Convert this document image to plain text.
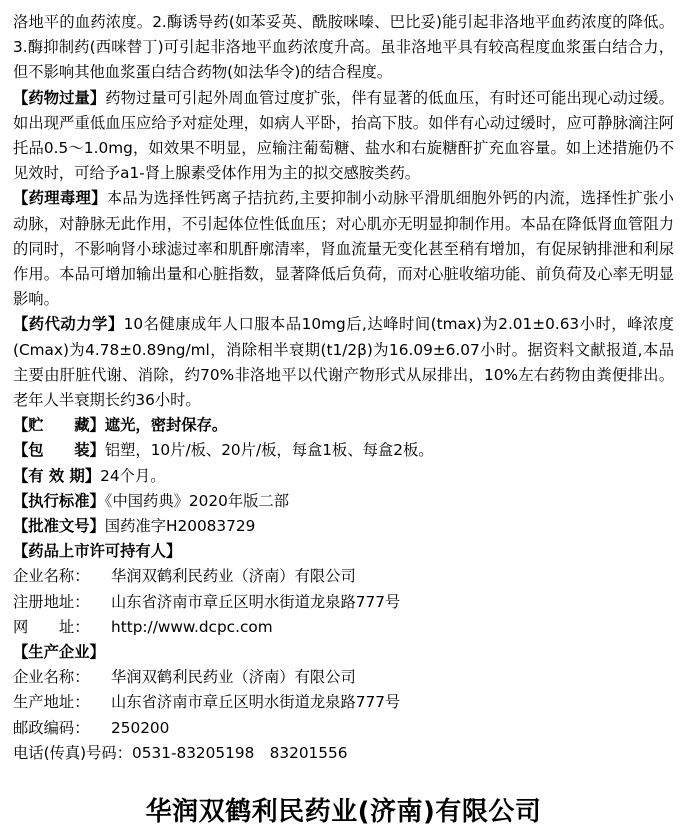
洛地平的血药浓度。2.酶诱导药(如苯妥英、酰胺咪嗪、巴比妥)能引起非洛地平血药浓度的降低。3.酶抑制药(西咪替丁)可引起非洛地平血药浓度升高。虽非洛地平具有较高程度血浆蛋白结合力，但不影响其他血浆蛋白结合药物(如法华令)的结合程度。

【药物过量】药物过量可引起外周血管过度扩张，伴有显著的低血压，有时还可能出现心动过缓。如出现严重低血压应给予对症处理，如病人平卧，抬高下肢。如伴有心动过缓时，应可静脉滴注阿托品0.5～1.0mg，如效果不明显，应输注葡萄糖、盐水和右旋糖酐扩充血容量。如上述措施仍不见效时，可给予a1-肾上腺素受体作用为主的拟交感胺类药。

【药理毒理】本品为选择性钙离子拮抗药,主要抑制小动脉平滑肌细胞外钙的内流，选择性扩张小动脉，对静脉无此作用，不引起体位性低血压；对心肌亦无明显抑制作用。本品在降低肾血管阻力的同时，不影响肾小球滤过率和肌酐廓清率，肾血流量无变化甚至稍有增加，有促尿钠排泄和利尿作用。本品可增加输出量和心脏指数，显著降低后负荷，而对心脏收缩功能、前负荷及心率无明显影响。

【药代动力学】10名健康成年人口服本品10mg后,达峰时间(tmax)为2.01±0.63小时，峰浓度(Cmax)为4.78±0.89ng/ml，消除相半衰期(t1/2β)为16.09±6.07小时。据资料文献报道,本品主要由肝脏代谢、消除，约70%非洛地平以代谢产物形式从尿排出，10%左右药物由粪便排出。老年人半衰期长约36小时。

【贮　　藏】遮光，密封保存。

【包　　装】铝塑，10片/板、20片/板，每盒1板、每盒2板。

【有 效 期】24个月。

【执行标准】《中国药典》2020年版二部

【批准文号】国药准字H20083729

【药品上市许可持有人】

企业名称：	华润双鹤利民药业（济南）有限公司
注册地址：	山东省济南市章丘区明水街道龙泉路777号
网　　址：	http://www.dcpc.com

【生产企业】

企业名称：	华润双鹤利民药业（济南）有限公司
生产地址：	山东省济南市章丘区明水街道龙泉路777号
邮政编码：	250200
电话(传真)号码：0531-83205198　83201556
华润双鹤利民药业(济南)有限公司
